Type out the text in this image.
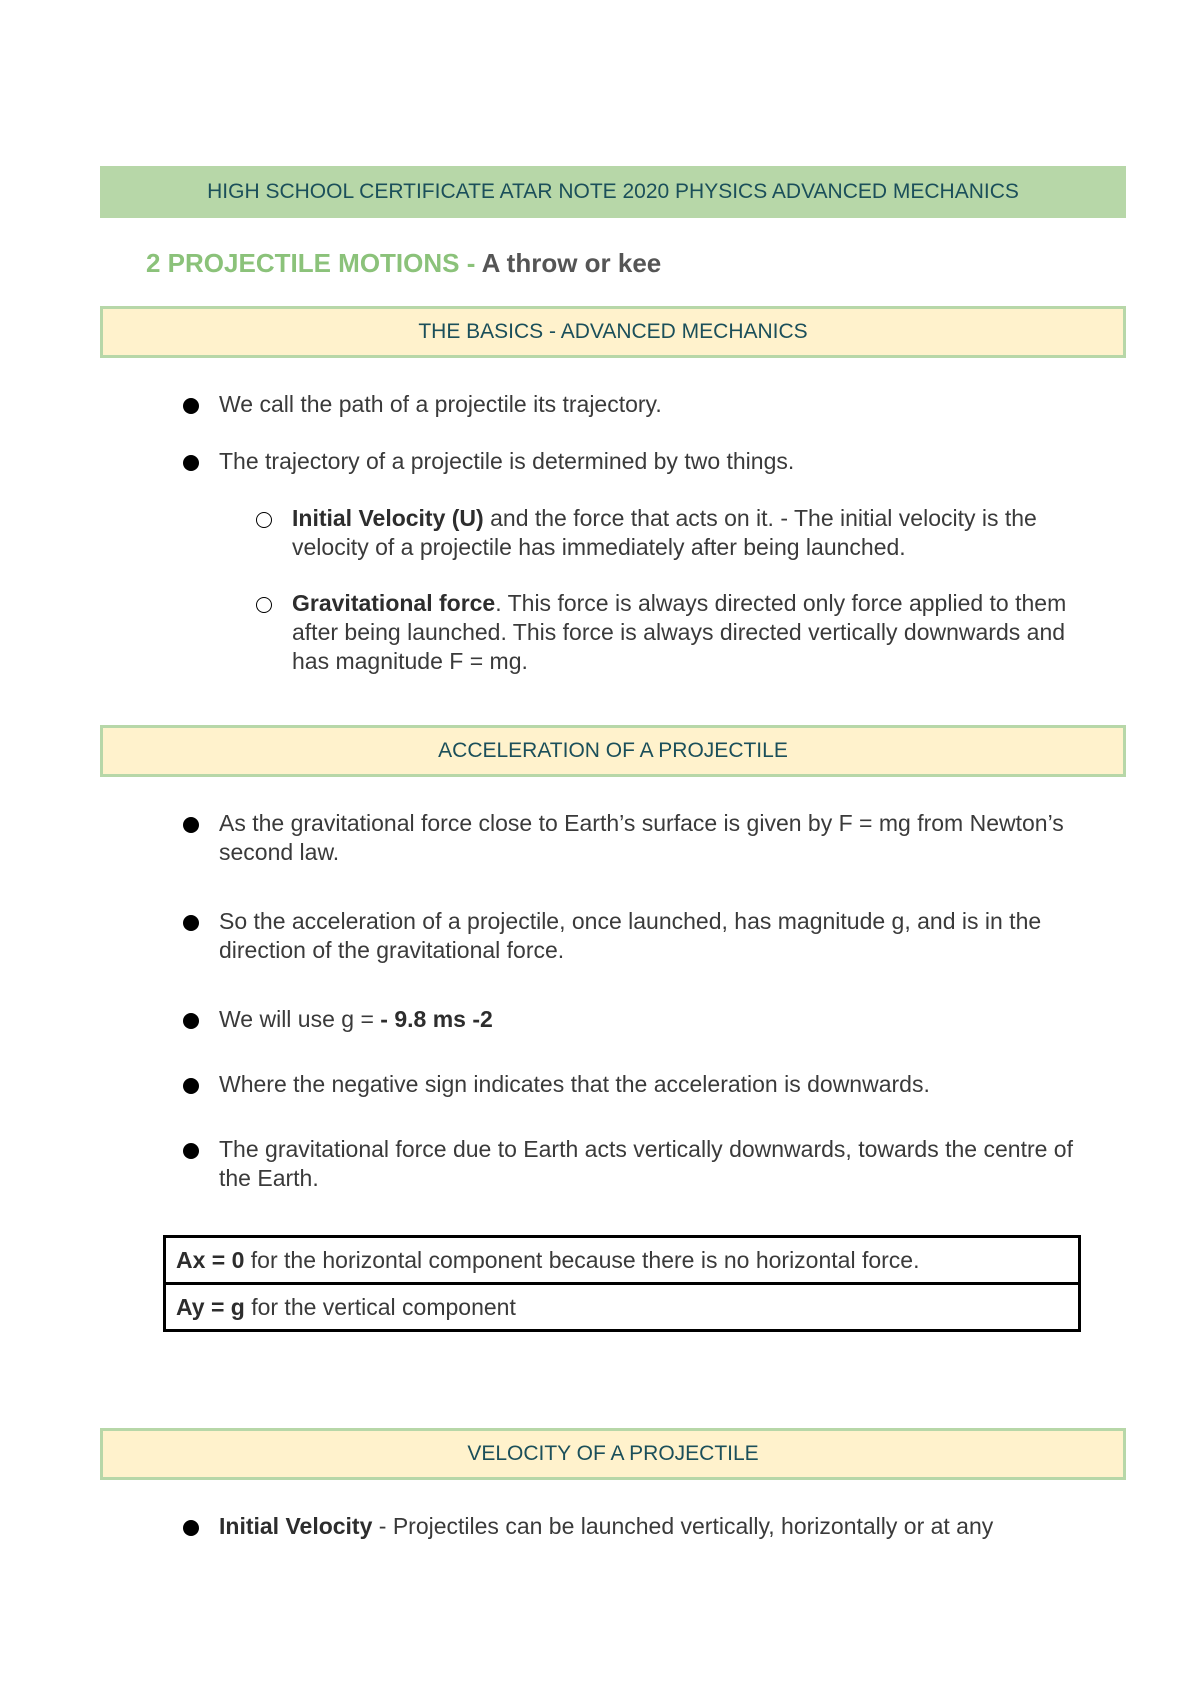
HIGH SCHOOL CERTIFICATE ATAR NOTE 2020 PHYSICS ADVANCED MECHANICS
2 PROJECTILE MOTIONS - A throw or kee
THE BASICS - ADVANCED MECHANICS
We call the path of a projectile its trajectory.
The trajectory of a projectile is determined by two things.
Initial Velocity (U) and the force that acts on it. - The initial velocity is the velocity of a projectile has immediately after being launched.
Gravitational force. This force is always directed only force applied to them after being launched. This force is always directed vertically downwards and has magnitude F = mg.
ACCELERATION OF A PROJECTILE
As the gravitational force close to Earth’s surface is given by F = mg from Newton’s second law.
So the acceleration of a projectile, once launched, has magnitude g, and is in the direction of the gravitational force.
We will use g = - 9.8 ms -2
Where the negative sign indicates that the acceleration is downwards.
The gravitational force due to Earth acts vertically downwards, towards the centre of the Earth.
Ax = 0 for the horizontal component because there is no horizontal force.
Ay = g for the vertical component
VELOCITY OF A PROJECTILE
Initial Velocity - Projectiles can be launched vertically, horizontally or at any
